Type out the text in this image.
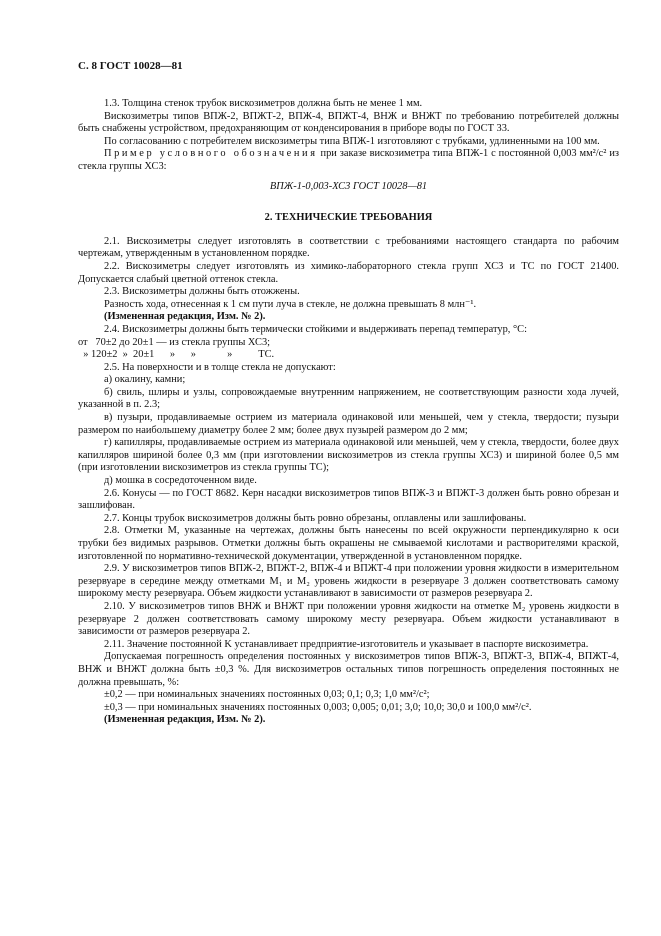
С. 8 ГОСТ 10028—81

1.3. Толщина стенок трубок вискозиметров должна быть не менее 1 мм.

Вискозиметры типов ВПЖ-2, ВПЖТ-2, ВПЖ-4, ВПЖТ-4, ВНЖ и ВНЖТ по требованию потребителей должны быть снабжены устройством, предохраняющим от конденсирования в приборе воды по ГОСТ 33.

По согласованию с потребителем вискозиметры типа ВПЖ-1 изготовляют с трубками, удлиненными на 100 мм.

Пример условного обозначения при заказе вискозиметра типа ВПЖ-1 с постоянной 0,003 мм²/с² из стекла группы ХС3:

ВПЖ-1-0,003-ХС3 ГОСТ 10028—81

2. ТЕХНИЧЕСКИЕ ТРЕБОВАНИЯ

2.1. Вискозиметры следует изготовлять в соответствии с требованиями настоящего стандарта по рабочим чертежам, утвержденным в установленном порядке.

2.2. Вискозиметры следует изготовлять из химико-лабораторного стекла групп ХС3 и ТС по ГОСТ 21400. Допускается слабый цветной оттенок стекла.

2.3. Вискозиметры должны быть отожжены.

Разность хода, отнесенная к 1 см пути луча в стекле, не должна превышать 8 млн⁻¹.

(Измененная редакция, Изм. № 2).

2.4. Вискозиметры должны быть термически стойкими и выдерживать перепад температур, °С:

от   70±2 до 20±1 — из стекла группы ХС3;

» 120±2  »  20±1      »      »            »          ТС.

2.5. На поверхности и в толще стекла не допускают:

а) окалину, камни;

б) свиль, шлиры и узлы, сопровождаемые внутренним напряжением, не соответствующим разности хода лучей, указанной в п. 2.3;

в) пузыри, продавливаемые острием из материала одинаковой или меньшей, чем у стекла, твердости; пузыри размером по наибольшему диаметру более 2 мм; более двух пузырей размером до 2 мм;

г) капилляры, продавливаемые острием из материала одинаковой или меньшей, чем у стекла, твердости, более двух капилляров шириной более 0,3 мм (при изготовлении вискозиметров из стекла группы ХС3) и шириной более 0,5 мм (при изготовлении вискозиметров из стекла группы ТС);

д) мошка в сосредоточенном виде.

2.6. Конусы — по ГОСТ 8682. Керн насадки вискозиметров типов ВПЖ-3 и ВПЖТ-3 должен быть ровно обрезан и зашлифован.

2.7. Концы трубок вискозиметров должны быть ровно обрезаны, оплавлены или зашлифованы.

2.8. Отметки M, указанные на чертежах, должны быть нанесены по всей окружности перпендикулярно к оси трубки без видимых разрывов. Отметки должны быть окрашены не смываемой кислотами и растворителями краской, изготовленной по нормативно-технической документации, утвержденной в установленном порядке.

2.9. У вискозиметров типов ВПЖ-2, ВПЖТ-2, ВПЖ-4 и ВПЖТ-4 при положении уровня жидкости в измерительном резервуаре в середине между отметками M₁ и M₂ уровень жидкости в резервуаре 3 должен соответствовать самому широкому месту резервуара. Объем жидкости устанавливают в зависимости от размеров резервуара 2.

2.10. У вискозиметров типов ВНЖ и ВНЖТ при положении уровня жидкости на отметке M₂ уровень жидкости в резервуаре 2 должен соответствовать самому широкому месту резервуара. Объем жидкости устанавливают в зависимости от размеров резервуара 2.

2.11. Значение постоянной K устанавливает предприятие-изготовитель и указывает в паспорте вискозиметра.

Допускаемая погрешность определения постоянных у вискозиметров типов ВПЖ-3, ВПЖТ-3, ВПЖ-4, ВПЖТ-4, ВНЖ и ВНЖТ должна быть ±0,3 %. Для вискозиметров остальных типов погрешность определения постоянных не должна превышать, %:

±0,2 — при номинальных значениях постоянных 0,03; 0,1; 0,3; 1,0 мм²/с²;

±0,3 — при номинальных значениях постоянных 0,003; 0,005; 0,01; 3,0; 10,0; 30,0 и 100,0 мм²/с².

(Измененная редакция, Изм. № 2).
